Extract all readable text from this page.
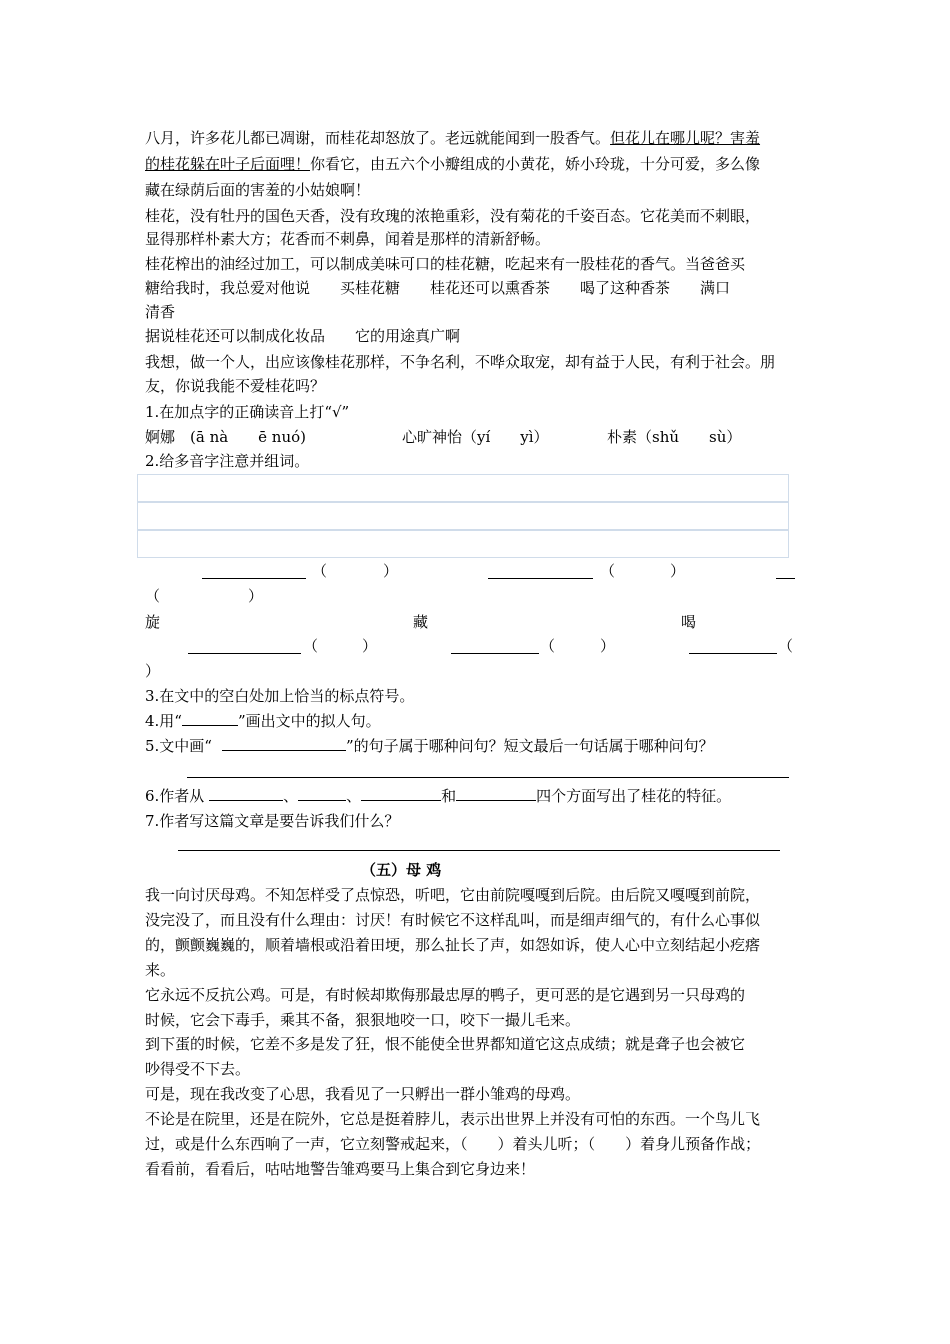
八月，许多花儿都已凋谢，而桂花却怒放了。老远就能闻到一股香气。但花儿在哪儿呢？害羞
的桂花躲在叶子后面哩！你看它，由五六个小瓣组成的小黄花，娇小玲珑，十分可爱，多么像
藏在绿荫后面的害羞的小姑娘啊！
桂花，没有牡丹的国色天香，没有玫瑰的浓艳重彩，没有菊花的千姿百态。它花美而不刺眼，
显得那样朴素大方；花香而不刺鼻，闻着是那样的清新舒畅。
桂花榨出的油经过加工，可以制成美味可口的桂花糖，吃起来有一股桂花的香气。当爸爸买
糖给我时，我总爱对他说　　买桂花糖　　桂花还可以熏香茶　　喝了这种香茶　　满口
清香
据说桂花还可以制成化妆品　　它的用途真广啊
我想，做一个人，出应该像桂花那样，不争名利，不哗众取宠，却有益于人民，有利于社会。朋
友，你说我能不爱桂花吗？
1.在加点字的正确读音上打“√”
婀娜　(ā nà　　ē nuó)	心旷神怡（yí　　yì）	朴素（shǔ　　sù）
2.给多音字注意并组词。
（	）	（	）
（	）
旋	藏	喝
（	）	（	）	（
）
3.在文中的空白处加上恰当的标点符号。
4.用“	”画出文中的拟人句。
5.文中画“	”的句子属于哪种问句？短文最后一句话属于哪种问句？
6.作者从	、	、	和	四个方面写出了桂花的特征。
7.作者写这篇文章是要告诉我们什么？
（五）母 鸡
我一向讨厌母鸡。不知怎样受了点惊恐，听吧，它由前院嘎嘎到后院。由后院又嘎嘎到前院，
没完没了，而且没有什么理由：讨厌！有时候它不这样乱叫，而是细声细气的，有什么心事似
的，颤颤巍巍的，顺着墙根或沿着田埂，那么扯长了声，如怨如诉，使人心中立刻结起小疙瘩
来。
它永远不反抗公鸡。可是，有时候却欺侮那最忠厚的鸭子，更可恶的是它遇到另一只母鸡的
时候，它会下毒手，乘其不备，狠狠地咬一口，咬下一撮儿毛来。
到下蛋的时候，它差不多是发了狂，恨不能使全世界都知道它这点成绩；就是聋子也会被它
吵得受不下去。
可是，现在我改变了心思，我看见了一只孵出一群小雏鸡的母鸡。
不论是在院里，还是在院外，它总是挺着脖儿，表示出世界上并没有可怕的东西。一个鸟儿飞
过，或是什么东西响了一声，它立刻警戒起来，（ ）着头儿听；（ ）着身儿预备作战；
看看前，看看后，咕咕地警告雏鸡要马上集合到它身边来！
